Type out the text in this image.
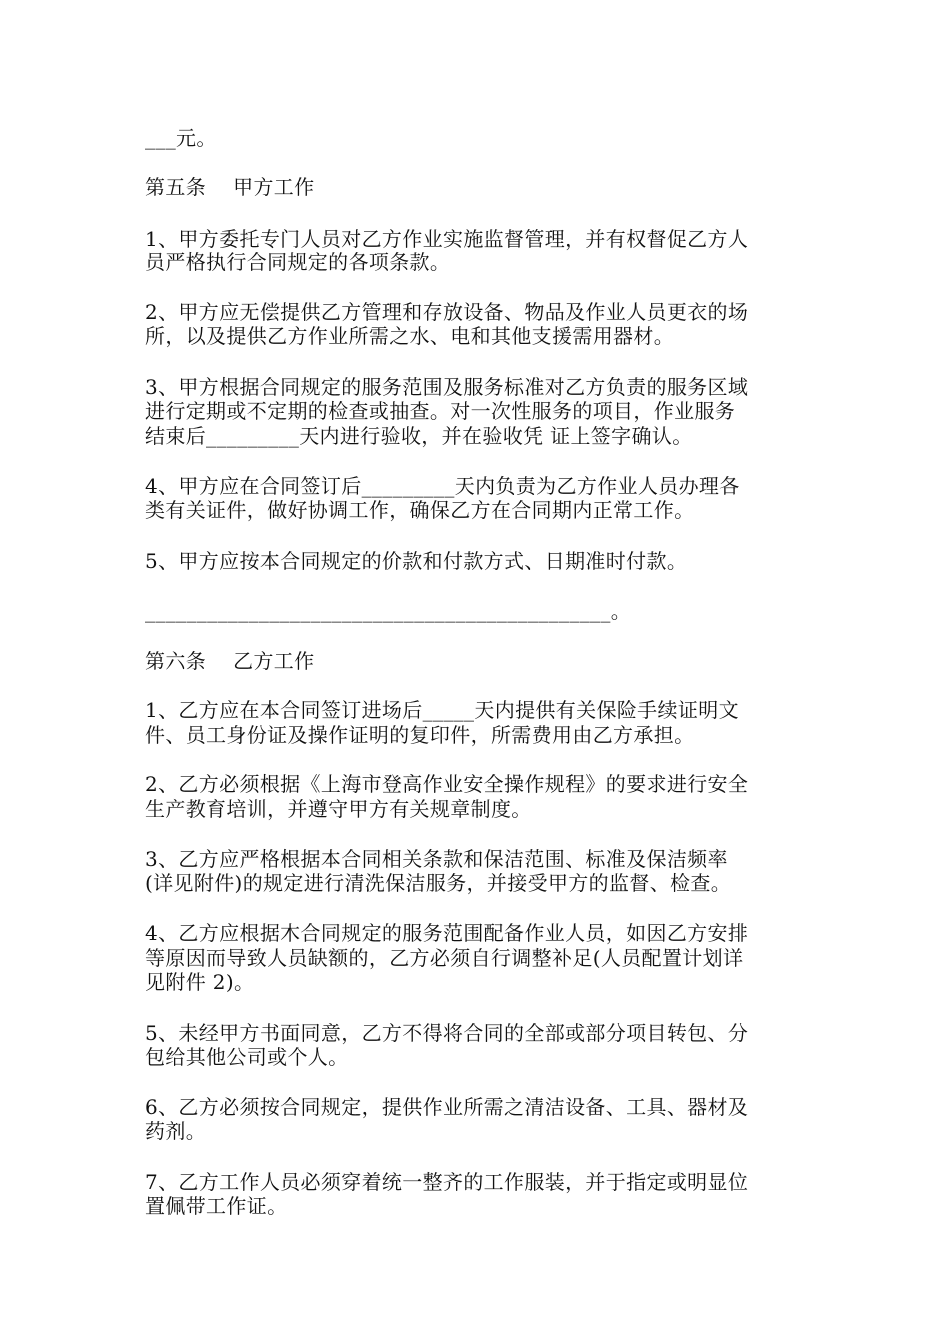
___元。
第五条　 甲方工作
1、甲方委托专门人员对乙方作业实施监督管理，并有权督促乙方人
员严格执行合同规定的各项条款。
2、甲方应无偿提供乙方管理和存放设备、物品及作业人员更衣的场
所，以及提供乙方作业所需之水、电和其他支援需用器材。
3、甲方根据合同规定的服务范围及服务标准对乙方负责的服务区域
进行定期或不定期的检查或抽查。对一次性服务的项目，作业服务
结束后_________天内进行验收，并在验收凭 证上签字确认。
4、甲方应在合同签订后_________天内负责为乙方作业人员办理各
类有关证件，做好协调工作，确保乙方在合同期内正常工作。
5、甲方应按本合同规定的价款和付款方式、日期准时付款。
_____________________________________________。
第六条　 乙方工作
1、乙方应在本合同签订进场后_____天内提供有关保险手续证明文
件、员工身份证及操作证明的复印件，所需费用由乙方承担。
2、乙方必须根据《上海市登高作业安全操作规程》的要求进行安全
生产教育培训，并遵守甲方有关规章制度。
3、乙方应严格根据本合同相关条款和保洁范围、标准及保洁频率
(详见附件)的规定进行清洗保洁服务，并接受甲方的监督、检查。
4、乙方应根据木合同规定的服务范围配备作业人员，如因乙方安排
等原因而导致人员缺额的，乙方必须自行调整补足(人员配置计划详
见附件 2)。
5、未经甲方书面同意，乙方不得将合同的全部或部分项目转包、分
包给其他公司或个人。
6、乙方必须按合同规定，提供作业所需之清洁设备、工具、器材及
药剂。
7、乙方工作人员必须穿着统一整齐的工作服装，并于指定或明显位
置佩带工作证。
